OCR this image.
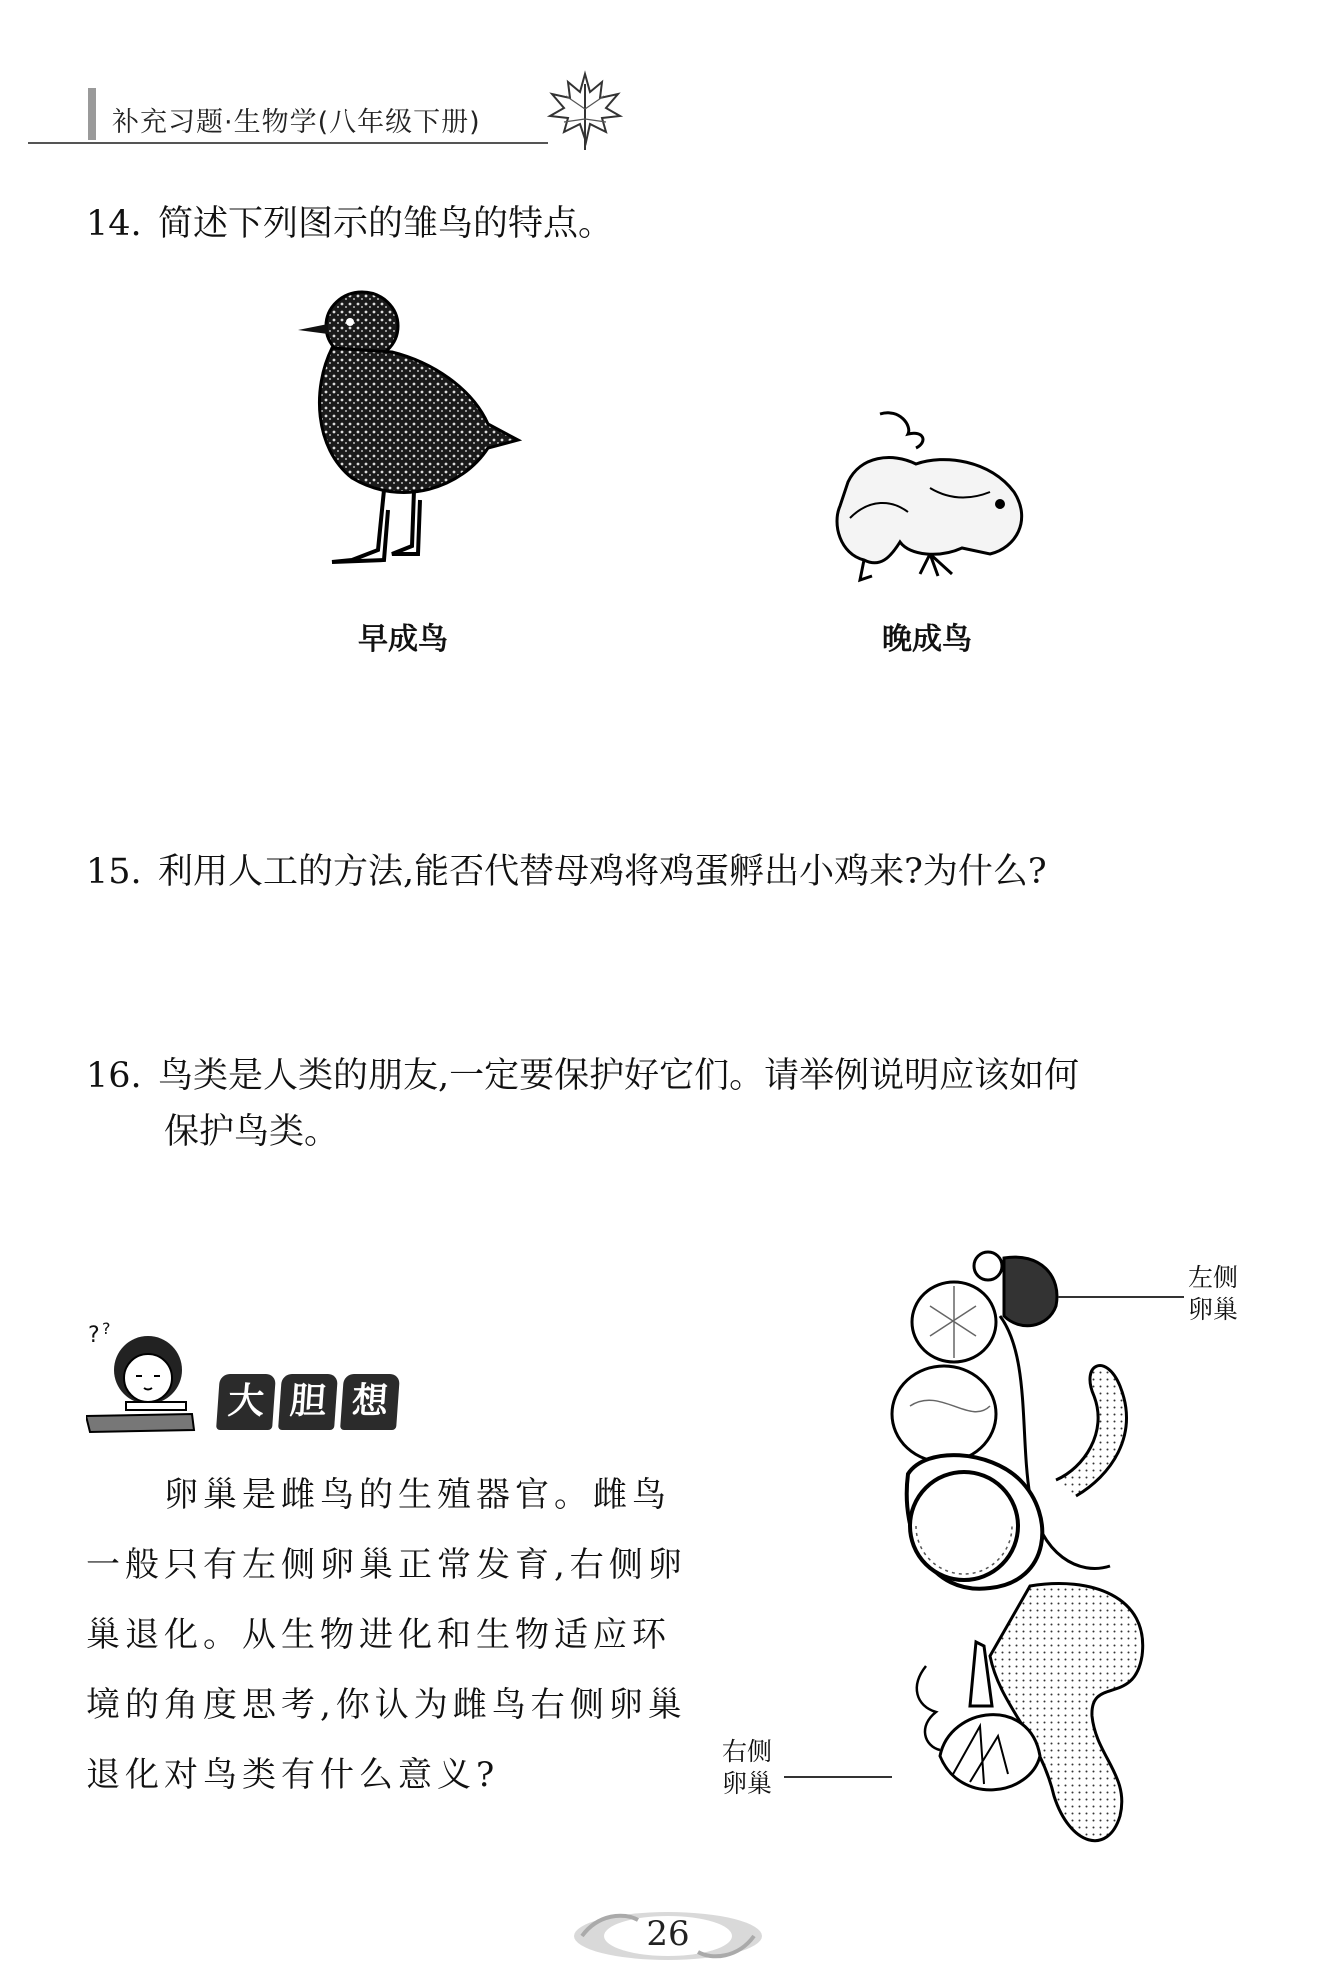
补充习题·生物学(八年级下册)
14. 简述下列图示的雏鸟的特点。
早成鸟	晚成鸟
15. 利用人工的方法,能否代替母鸡将鸡蛋孵出小鸡来?为什么?
16. 鸟类是人类的朋友,一定要保护好它们。请举例说明应该如何
保护鸟类。
? ?
大 胆 想

卵巢是雌鸟的生殖器官。雌鸟一般只有左侧卵巢正常发育,右侧卵巢退化。从生物进化和生物适应环境的角度思考,你认为雌鸟右侧卵巢退化对鸟类有什么意义?

左侧
卵巢
右侧
卵巢
26
